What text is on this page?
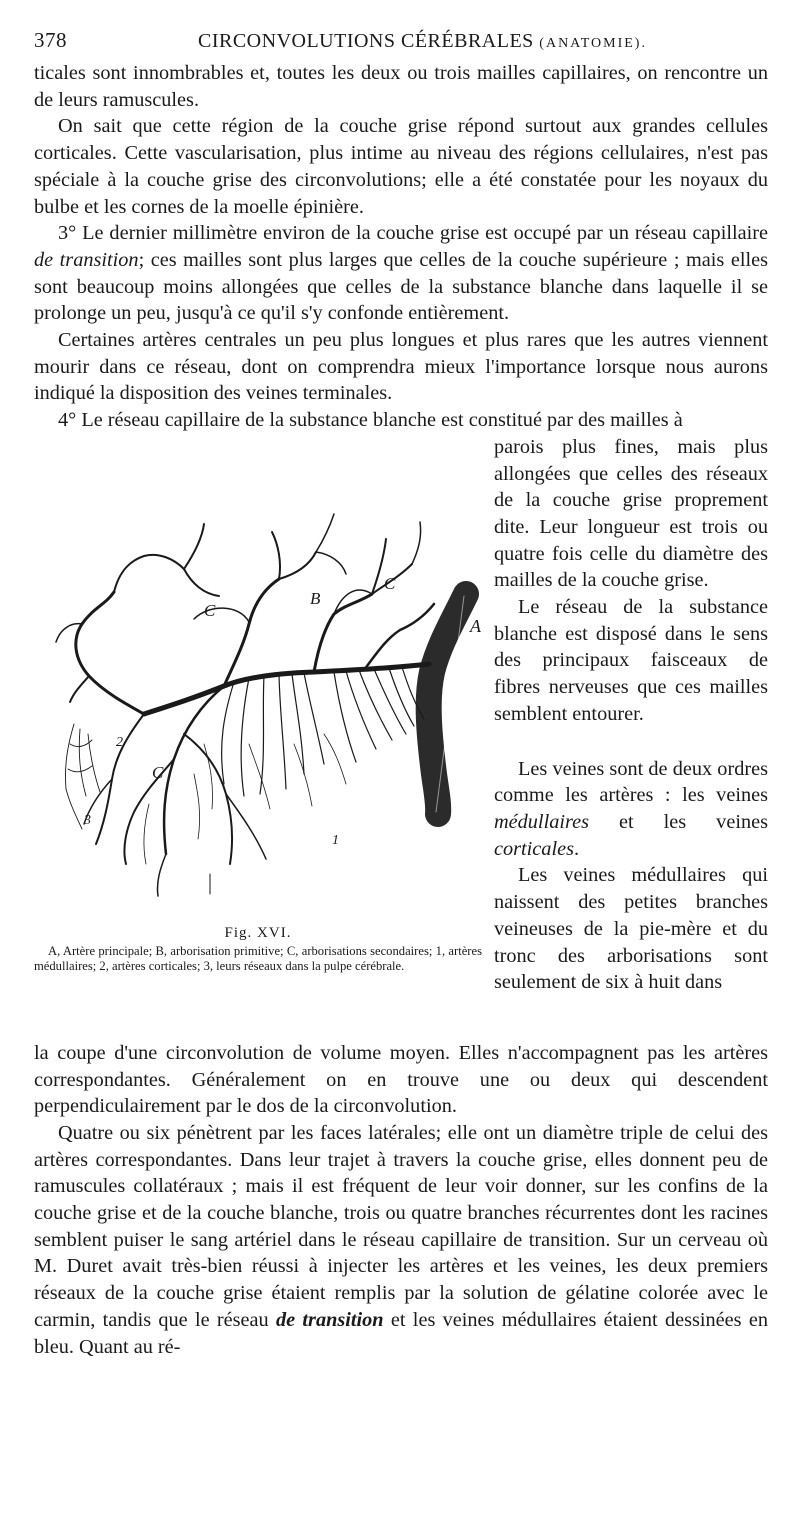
378	CIRCONVOLUTIONS CÉRÉBRALES (ANATOMIE).

ticales sont innombrables et, toutes les deux ou trois mailles capillaires, on rencontre un de leurs ramuscules.

On sait que cette région de la couche grise répond surtout aux grandes cellules corticales. Cette vascularisation, plus intime au niveau des régions cellulaires, n'est pas spéciale à la couche grise des circonvolutions; elle a été constatée pour les noyaux du bulbe et les cornes de la moelle épinière.

3° Le dernier millimètre environ de la couche grise est occupé par un réseau capillaire de transition; ces mailles sont plus larges que celles de la couche supérieure ; mais elles sont beaucoup moins allongées que celles de la substance blanche dans laquelle il se prolonge un peu, jusqu'à ce qu'il s'y confonde entièrement.

Certaines artères centrales un peu plus longues et plus rares que les autres viennent mourir dans ce réseau, dont on comprendra mieux l'importance lorsque nous aurons indiqué la disposition des veines terminales.

4° Le réseau capillaire de la substance blanche est constitué par des mailles à

A
B
C
C
C
1
2
3
Fig. XVI.

A, Artère principale; B, arborisation primitive; C, arborisations secondaires; 1, artères médullaires; 2, artères corticales; 3, leurs réseaux dans la pulpe cérébrale.

parois plus fines, mais plus allongées que celles des réseaux de la couche grise proprement dite. Leur longueur est trois ou quatre fois celle du diamètre des mailles de la couche grise.

Le réseau de la substance blanche est disposé dans le sens des principaux faisceaux de fibres nerveuses que ces mailles semblent entourer.

Les veines sont de deux ordres comme les artères : les veines médullaires et les veines corticales.

Les veines médullaires qui naissent des petites branches veineuses de la pie-mère et du tronc des arborisations sont seulement de six à huit dans

la coupe d'une circonvolution de volume moyen. Elles n'accompagnent pas les artères correspondantes. Généralement on en trouve une ou deux qui descendent perpendiculairement par le dos de la circonvolution.

Quatre ou six pénètrent par les faces latérales; elle ont un diamètre triple de celui des artères correspondantes. Dans leur trajet à travers la couche grise, elles donnent peu de ramuscules collatéraux ; mais il est fréquent de leur voir donner, sur les confins de la couche grise et de la couche blanche, trois ou quatre branches récurrentes dont les racines semblent puiser le sang artériel dans le réseau capillaire de transition. Sur un cerveau où M. Duret avait très-bien réussi à injecter les artères et les veines, les deux premiers réseaux de la couche grise étaient remplis par la solution de gélatine colorée avec le carmin, tandis que le réseau de transition et les veines médullaires étaient dessinées en bleu. Quant au ré-
